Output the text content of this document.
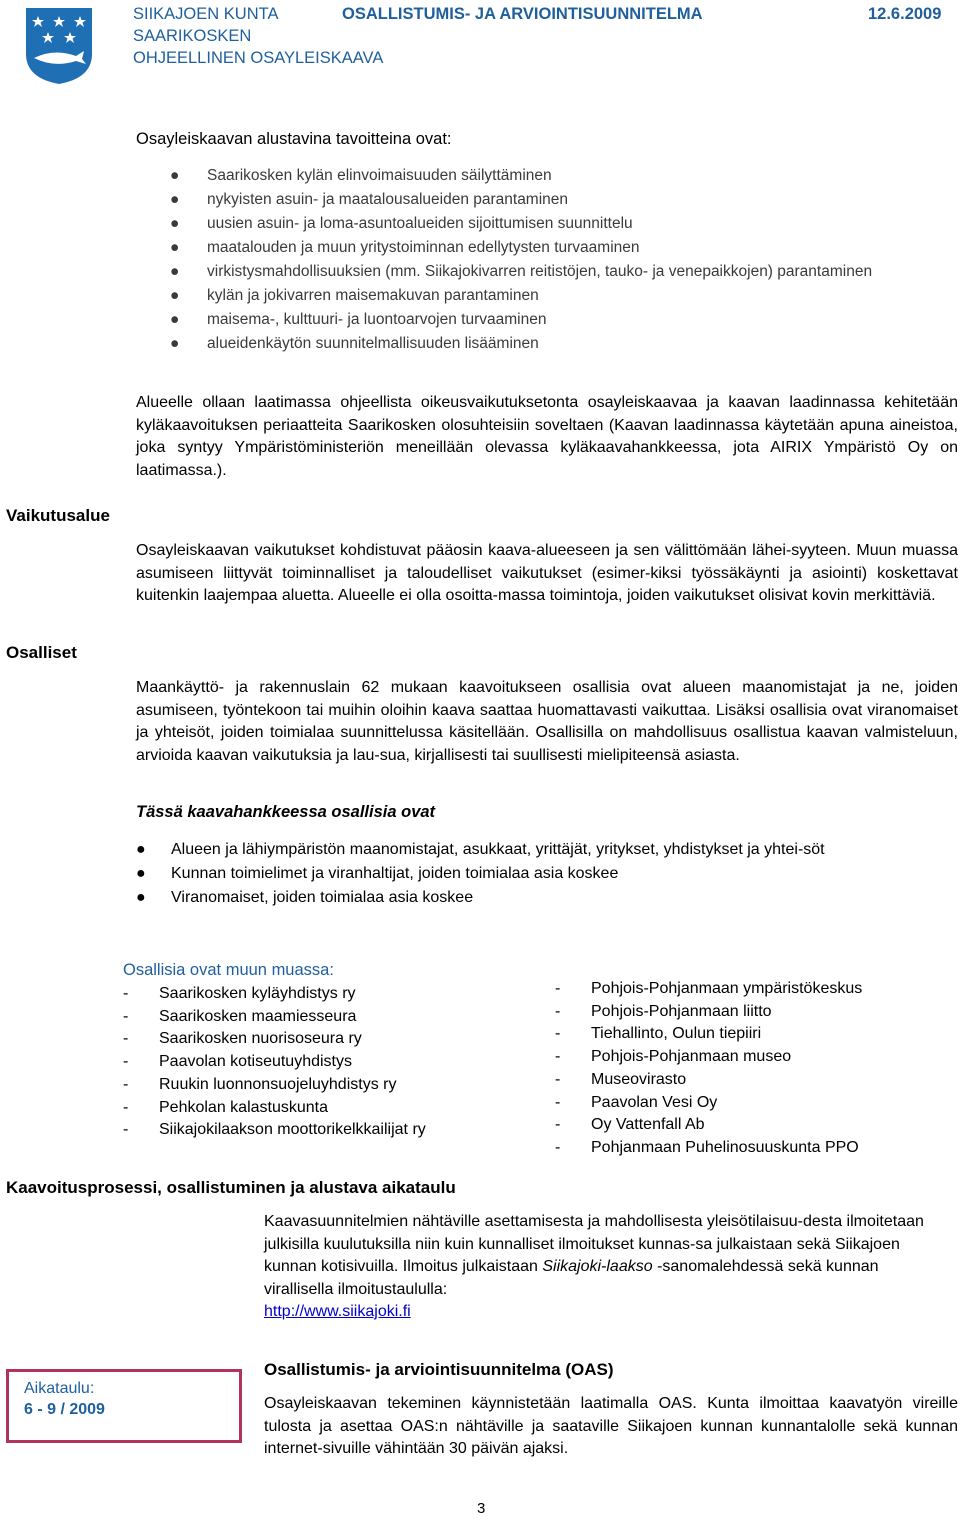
SIIKAJOEN KUNTA	OSALLISTUMIS- JA ARVIOINTISUUNNITELMA	12.6.2009
SAARIKOSKEN
OHJEELLINEN OSAYLEISKAAVA
Osayleiskaavan alustavina tavoitteina ovat:
● Saarikosken kylän elinvoimaisuuden säilyttäminen
● nykyisten asuin- ja maatalousalueiden parantaminen
● uusien asuin- ja loma-asuntoalueiden sijoittumisen suunnittelu
● maatalouden ja muun yritystoiminnan edellytysten turvaaminen
● virkistysmahdollisuuksien (mm. Siikajokivarren reitistöjen, tauko- ja venepaikkojen) parantaminen
● kylän ja jokivarren maisemakuvan parantaminen
● maisema-, kulttuuri- ja luontoarvojen turvaaminen
● alueidenkäytön suunnitelmallisuuden lisääminen
Alueelle ollaan laatimassa ohjeellista oikeusvaikutuksetonta osayleiskaavaa ja kaavan laadinnassa kehitetään kyläkaavoituksen periaatteita Saarikosken olosuhteisiin soveltaen (Kaavan laadinnassa käytetään apuna aineistoa, joka syntyy Ympäristöministeriön meneillään olevassa kyläkaavahankkeessa, jota AIRIX Ympäristö Oy on laatimassa.).
Vaikutusalue
Osayleiskaavan vaikutukset kohdistuvat pääosin kaava-alueeseen ja sen välittömään lähei-syyteen. Muun muassa asumiseen liittyvät toiminnalliset ja taloudelliset vaikutukset (esimer-kiksi työssäkäynti ja asiointi) koskettavat kuitenkin laajempaa aluetta. Alueelle ei olla osoitta-massa toimintoja, joiden vaikutukset olisivat kovin merkittäviä.
Osalliset
Maankäyttö- ja rakennuslain 62 mukaan kaavoitukseen osallisia ovat alueen maanomistajat ja ne, joiden asumiseen, työntekoon tai muihin oloihin kaava saattaa huomattavasti vaikuttaa. Lisäksi osallisia ovat viranomaiset ja yhteisöt, joiden toimialaa suunnittelussa käsitellään. Osallisilla on mahdollisuus osallistua kaavan valmisteluun, arvioida kaavan vaikutuksia ja lau-sua, kirjallisesti tai suullisesti mielipiteensä asiasta.
Tässä kaavahankkeessa osallisia ovat
● Alueen ja lähiympäristön maanomistajat, asukkaat, yrittäjät, yritykset, yhdistykset ja yhtei-söt
● Kunnan toimielimet ja viranhaltijat, joiden toimialaa asia koskee
● Viranomaiset, joiden toimialaa asia koskee
Osallisia ovat muun muassa:
- Saarikosken kyläyhdistys ry
- Saarikosken maamiesseura
- Saarikosken nuorisoseura ry
- Paavolan kotiseutuyhdistys
- Ruukin luonnonsuojeluyhdistys ry
- Pehkolan kalastuskunta
- Siikajokilaakson moottorikelkkailijat ry
- Pohjois-Pohjanmaan ympäristökeskus
- Pohjois-Pohjanmaan liitto
- Tiehallinto, Oulun tiepiiri
- Pohjois-Pohjanmaan museo
- Museovirasto
- Paavolan Vesi Oy
- Oy Vattenfall Ab
- Pohjanmaan Puhelinosuuskunta PPO
Kaavoitusprosessi, osallistuminen ja alustava aikataulu
Kaavasuunnitelmien nähtäville asettamisesta ja mahdollisesta yleisötilaisuu-desta ilmoitetaan julkisilla kuulutuksilla niin kuin kunnalliset ilmoitukset kunnas-sa julkaistaan sekä Siikajoen kunnan kotisivuilla. Ilmoitus julkaistaan Siikajoki-laakso -sanomalehdessä sekä kunnan virallisella ilmoitustaululla:
http://www.siikajoki.fi
Aikataulu:
6 - 9 / 2009
Osallistumis- ja arviointisuunnitelma (OAS)
Osayleiskaavan tekeminen käynnistetään laatimalla OAS. Kunta ilmoittaa kaavatyön vireille tulosta ja asettaa OAS:n nähtäville ja saataville Siikajoen kunnan kunnantalolle sekä kunnan internet-sivuille vähintään 30 päivän ajaksi.
3
